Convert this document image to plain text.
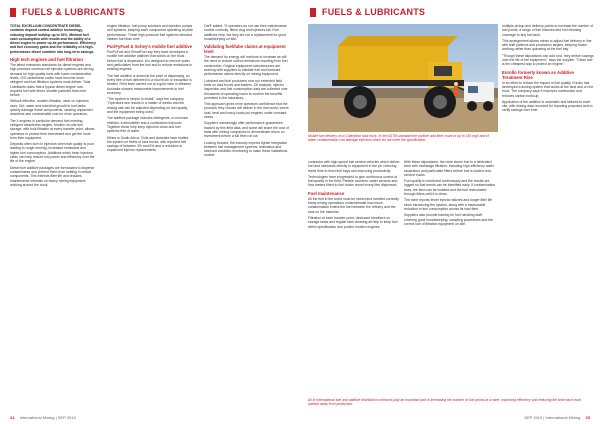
FUELS & LUBRICANTS

TOTAL EXCELLIUM CONCENTRATE DIESEL contains deposit control additive technology, reducing deposit buildup up to 94%. Minimal fuel cash consumption with results and the ability of a diesel engine to power up its performance. Efficiency and fuel economy gains and the reliability of a high-performance diesel combine into long-term savings.

High tech engines and fuel filtration

The latest emissions standards for diesel engines and high pressure common rail injection systems are driving demand for high quality fuels with lower contamination levels. ISO cleanliness codes have become more stringent and fuel filtration systems must deliver. Total Lubrifiants notes that a typical diesel engine now requires fuel with fewer, smaller particles than ever before.

Without effective, modern filtration, wear on injectors rises. Dirt, water and microbial growth in fuel tanks quickly damage these components, causing unplanned downtime and considerable cost for mine operators.

Tier 4 engines in particular demand fuel meeting stringent cleanliness targets. Modern on-site fuel storage, with bulk filtration at every transfer point, allows operators to protect their investment and get the most from their equipment.

Deposits often form in injectors when fuel quality is poor, leading to rough running, increased emissions and higher fuel consumption. Additives which keep injectors clean can help restore lost power and efficiency over the life of the engine.

Diesel fuel additive packages are formulated to disperse contaminants and prevent them from settling in critical components. This extends filter life and reduces maintenance intervals on heavy mining equipment working around the clock.

engine filtration, fuel pump solutions and injection pumps and systems, keeping each component operating at peak performance. These high pressure fuel systems demand cleaner fuel than ever.

PuriFyFuel & Schey's mobile fuel additive

PuriFyFuel and SmartFuel say they have developed a mobile fuel additive platform that works on the truck before fuel is dispensed. It is designed to remove water and particulates from the fuel and to reduce emissions in existing engines.

The fuel additive is dosed at the point of dispensing, so every litre of fuel delivered to a haul truck or excavator is treated. Field tests carried out at a gold mine in Western Australia showed measurable improvements in fuel economy.

"The system is simple to install," says the company. "Operators see results in a matter of weeks and the dosing rate can be adjusted depending on fuel quality and the equipment being used."

The additive package includes detergents, a corrosion inhibitor, a demulsifier and a combustion improver. Together these help keep injectors clean and fuel systems free of water.

Mines in South Africa, Chile and Australia have trialled the system on fleets of haul trucks, with reported fuel savings of between 3% and 6% and a reduction in unplanned injector replacements.

Cat® added: "If operators do not use their maintenance routine correctly, filters clog and injectors fail. Fuel additives help, but they are not a replacement for good housekeeping on site."

Validating fuel/lube claims at equipment level

The demand for energy will continue to increase as will the need to reduce carbon emissions resulting from fuel combustion. Original equipment manufacturers are working with suppliers to validate fuel and lubricant performance claims directly on mining equipment.

Lubricant and fuel producers now run extended field trials on haul trucks and loaders. Oil analysis, injector inspection and fuel consumption data are collected over thousands of operating hours to confirm the benefits promised in the laboratory.

This approach gives mine operators confidence that the products they choose will deliver in the real world, where dust, heat and heavy loads put engines under constant stress.

Suppliers increasingly offer performance guarantees backed by this field data, and some will share the cost of trials with mining companies to demonstrate return on investment before a full fleet roll out.

Looking forward, the industry expects tighter integration between fuel management systems, telematics and lubricant condition monitoring to make these validations routine.

24 International Mining | SEP 2019
FUELS & LUBRICANTS
Mobile fuel delivery on a Caterpillar haul truck. In the ASTM-standard the particle and fibre count of up to 150 mg/l and of water contamination can damage injectors which do not meet the specification.

contractor with high-speed fuel service vehicles which deliver fuel and lubricants directly to equipment in the pit, reducing travel time to fixed fuel bays and improving productivity.

Technologies have progressed to give continuous control of fuel quality in the field. Particle counters, water sensors and flow meters fitted to fuel trucks record every litre dispensed.

Fuel maintenance

All the fuel in the world must be stored and handled correctly. Many mining operations underestimate how much contamination enters the fuel between the refinery and the tank on the machine.

Filtration at each transfer point, desiccant breathers on storage tanks and regular tank cleaning all help to keep fuel within specification and protect modern engines.

With these stipulations, the mine stores fuel in a dedicated farm with multistage filtration, including high-efficiency water separators and particulate filters before fuel is loaded onto service trucks.

Fuel quality is monitored continuously and the results are logged so that trends can be identified early. If contamination rises, the farm can be isolated and the fuel recirculated through filters until it is clean.

The mine reports fewer injector failures and longer filter life since introducing the system, along with a measurable reduction in fuel consumption across its haul fleet.

Suppliers also provide training for fuel handling staff, covering good housekeeping, sampling procedures and the correct use of filtration equipment on site.

multiple pickup and delivery points to increase the number of fuel points, a range of fuel volumes and fuel cleaning coverage to any fuel tank.

This arrangement allows mines to adjust fuel delivery in line with shift patterns and production targets, keeping trucks working rather than queueing at the fuel bay.

"Though these stipulations can add cost, they deliver savings over the life of the equipment," says the supplier. "Clean fuel is the cheapest way to protect an engine."

Enrollo formerly known as Additive Treatment Rise

In an effort to reduce the impact of fuel quality, Enrollo has developed a dosing system that works at the tank and on the truck. The company says it improves combustion and reduces carbon build-up.

Application of the additive is automatic and tailored to each site, with dosing data recorded for reporting purposes and to verify savings over time.

All in international fuel and additive distribution contracts play an important part in increasing the number of fuel points at a mine, improving efficiency and reducing the time each truck spends away from production.
SEP 2019 | International Mining 25
